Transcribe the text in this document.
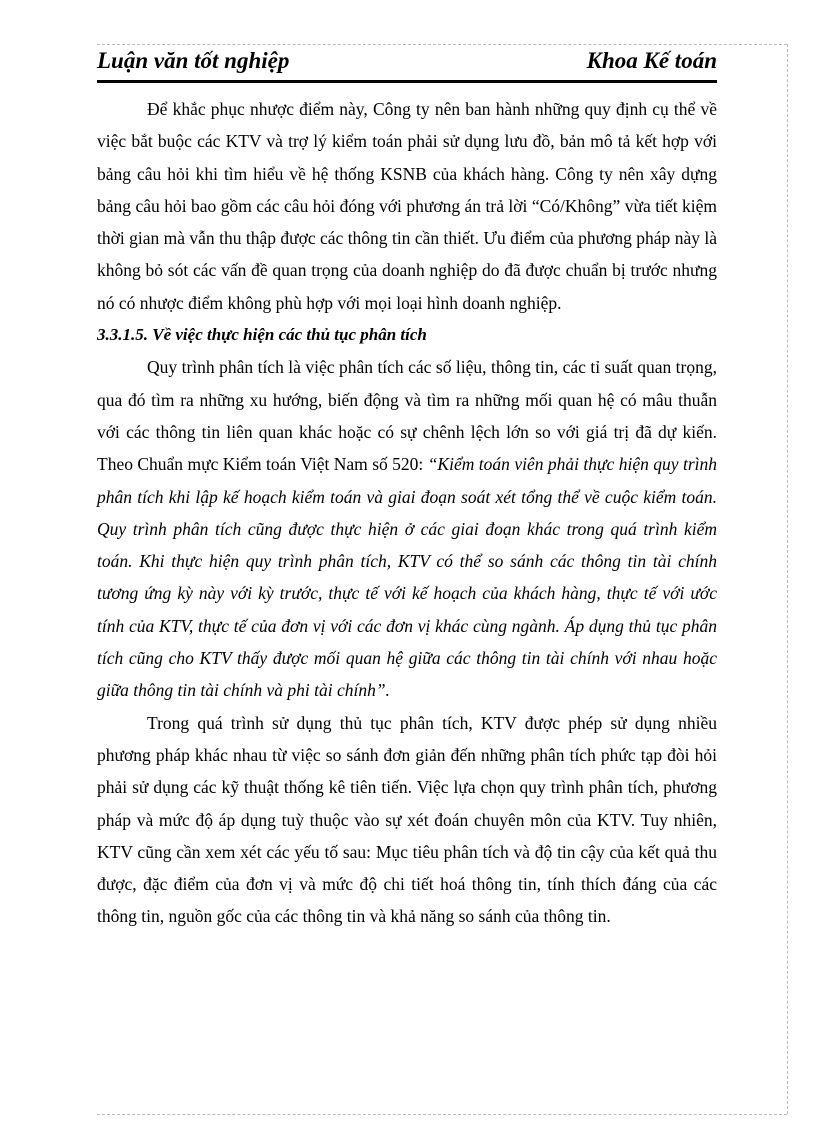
Luận văn tốt nghiệp	Khoa Kế toán

Để khắc phục nhược điểm này, Công ty nên ban hành những quy định cụ thể về việc bắt buộc các KTV và trợ lý kiểm toán phải sử dụng lưu đồ, bản mô tả kết hợp với bảng câu hỏi khi tìm hiểu về hệ thống KSNB của khách hàng. Công ty nên xây dựng bảng câu hỏi bao gồm các câu hỏi đóng với phương án trả lời “Có/Không” vừa tiết kiệm thời gian mà vẫn thu thập được các thông tin cần thiết. Ưu điểm của phương pháp này là không bỏ sót các vấn đề quan trọng của doanh nghiệp do đã được chuẩn bị trước nhưng nó có nhược điểm không phù hợp với mọi loại hình doanh nghiệp.

3.3.1.5. Về việc thực hiện các thủ tục phân tích

Quy trình phân tích là việc phân tích các số liệu, thông tin, các tỉ suất quan trọng, qua đó tìm ra những xu hướng, biến động và tìm ra những mối quan hệ có mâu thuẫn với các thông tin liên quan khác hoặc có sự chênh lệch lớn so với giá trị đã dự kiến. Theo Chuẩn mực Kiểm toán Việt Nam số 520: “Kiểm toán viên phải thực hiện quy trình phân tích khi lập kế hoạch kiểm toán và giai đoạn soát xét tổng thể về cuộc kiểm toán. Quy trình phân tích cũng được thực hiện ở các giai đoạn khác trong quá trình kiểm toán. Khi thực hiện quy trình phân tích, KTV có thể so sánh các thông tin tài chính tương ứng kỳ này với kỳ trước, thực tế với kế hoạch của khách hàng, thực tế với ước tính của KTV, thực tế của đơn vị với các đơn vị khác cùng ngành. Áp dụng thủ tục phân tích cũng cho KTV thấy được mối quan hệ giữa các thông tin tài chính với nhau hoặc giữa thông tin tài chính và phi tài chính”.

Trong quá trình sử dụng thủ tục phân tích, KTV được phép sử dụng nhiều phương pháp khác nhau từ việc so sánh đơn giản đến những phân tích phức tạp đòi hỏi phải sử dụng các kỹ thuật thống kê tiên tiến. Việc lựa chọn quy trình phân tích, phương pháp và mức độ áp dụng tuỳ thuộc vào sự xét đoán chuyên môn của KTV. Tuy nhiên, KTV cũng cần xem xét các yếu tố sau: Mục tiêu phân tích và độ tin cậy của kết quả thu được, đặc điểm của đơn vị và mức độ chi tiết hoá thông tin, tính thích đáng của các thông tin, nguồn gốc của các thông tin và khả năng so sánh của thông tin.
